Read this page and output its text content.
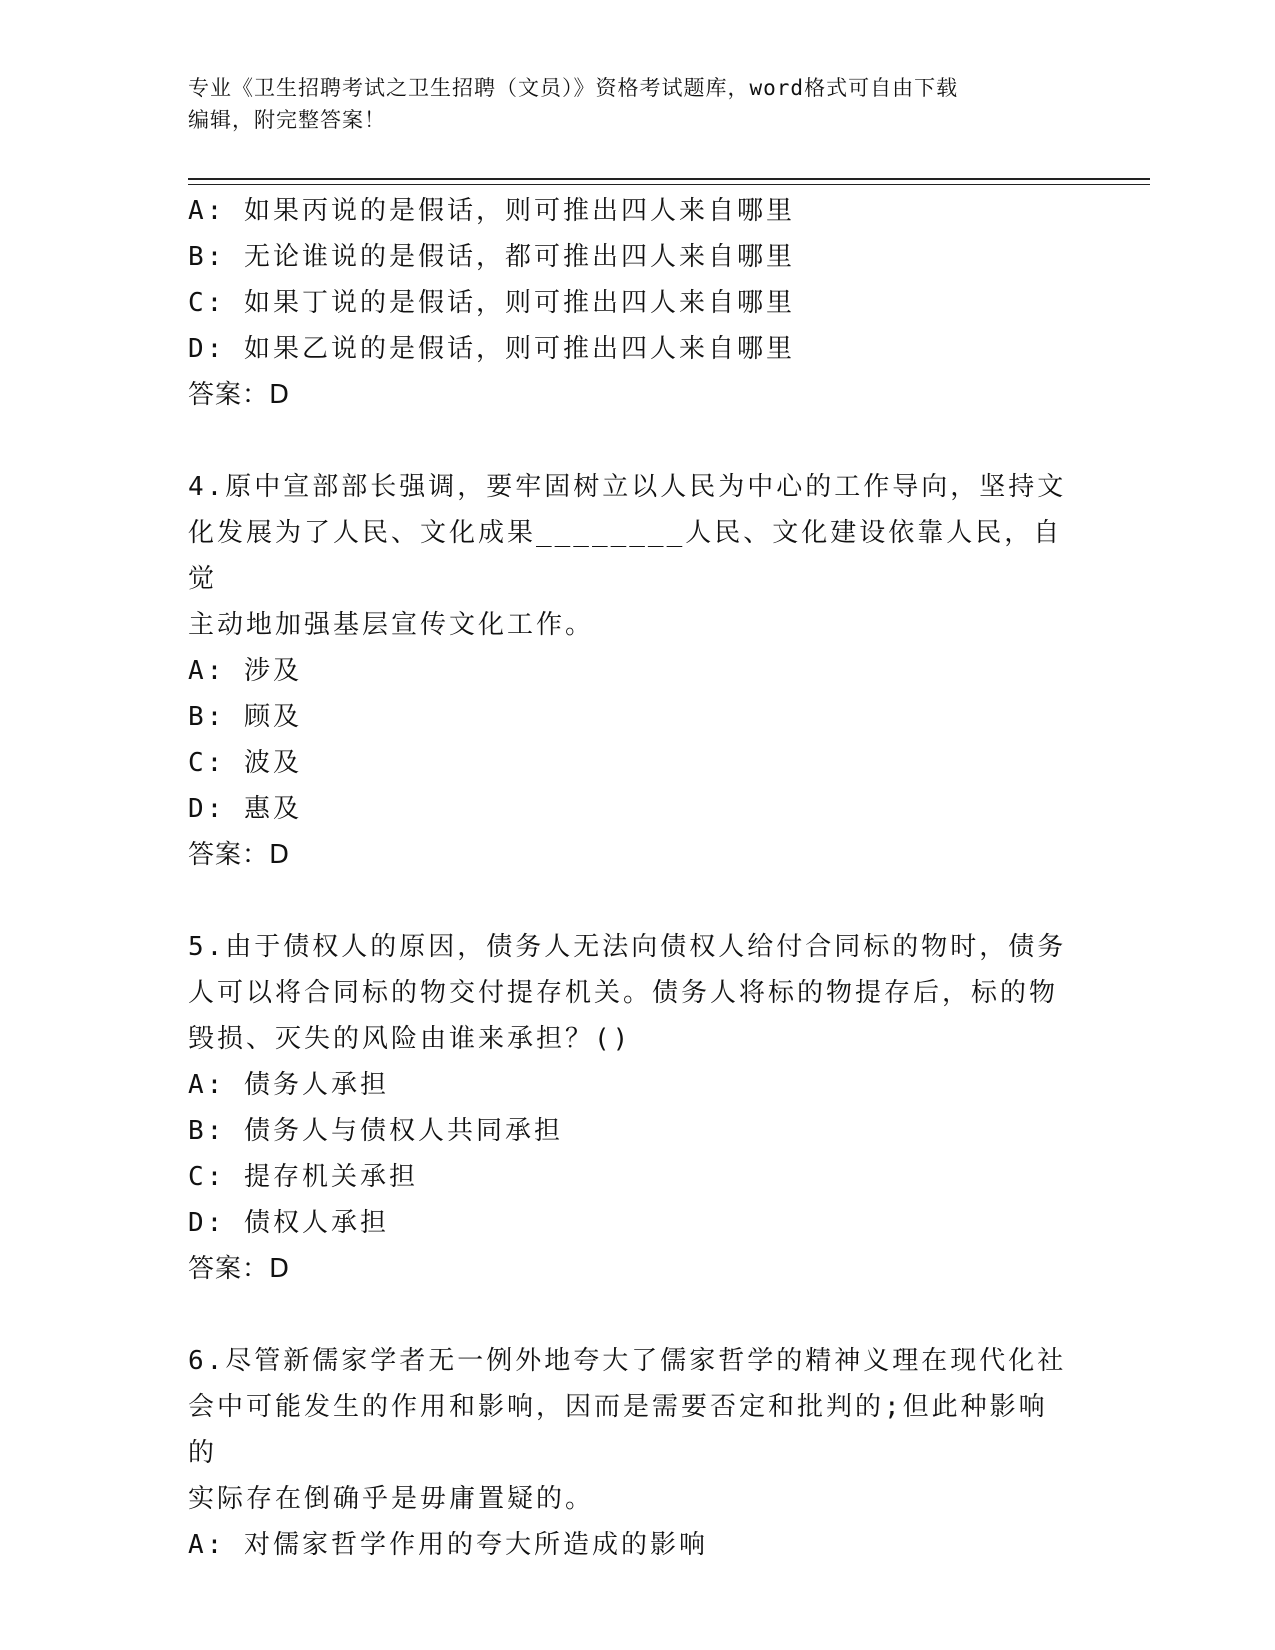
专业《卫生招聘考试之卫生招聘（文员）》资格考试题库，word格式可自由下载
编辑，附完整答案！
A: 如果丙说的是假话，则可推出四人来自哪里
B: 无论谁说的是假话，都可推出四人来自哪里
C: 如果丁说的是假话，则可推出四人来自哪里
D: 如果乙说的是假话，则可推出四人来自哪里
答案：D
4.原中宣部部长强调，要牢固树立以人民为中心的工作导向，坚持文
化发展为了人民、文化成果________人民、文化建设依靠人民，自觉
主动地加强基层宣传文化工作。
A: 涉及
B: 顾及
C: 波及
D: 惠及
答案：D
5.由于债权人的原因，债务人无法向债权人给付合同标的物时，债务
人可以将合同标的物交付提存机关。债务人将标的物提存后，标的物
毁损、灭失的风险由谁来承担？()
A: 债务人承担
B: 债务人与债权人共同承担
C: 提存机关承担
D: 债权人承担
答案：D
6.尽管新儒家学者无一例外地夸大了儒家哲学的精神义理在现代化社
会中可能发生的作用和影响，因而是需要否定和批判的;但此种影响的
实际存在倒确乎是毋庸置疑的。
A: 对儒家哲学作用的夸大所造成的影响
